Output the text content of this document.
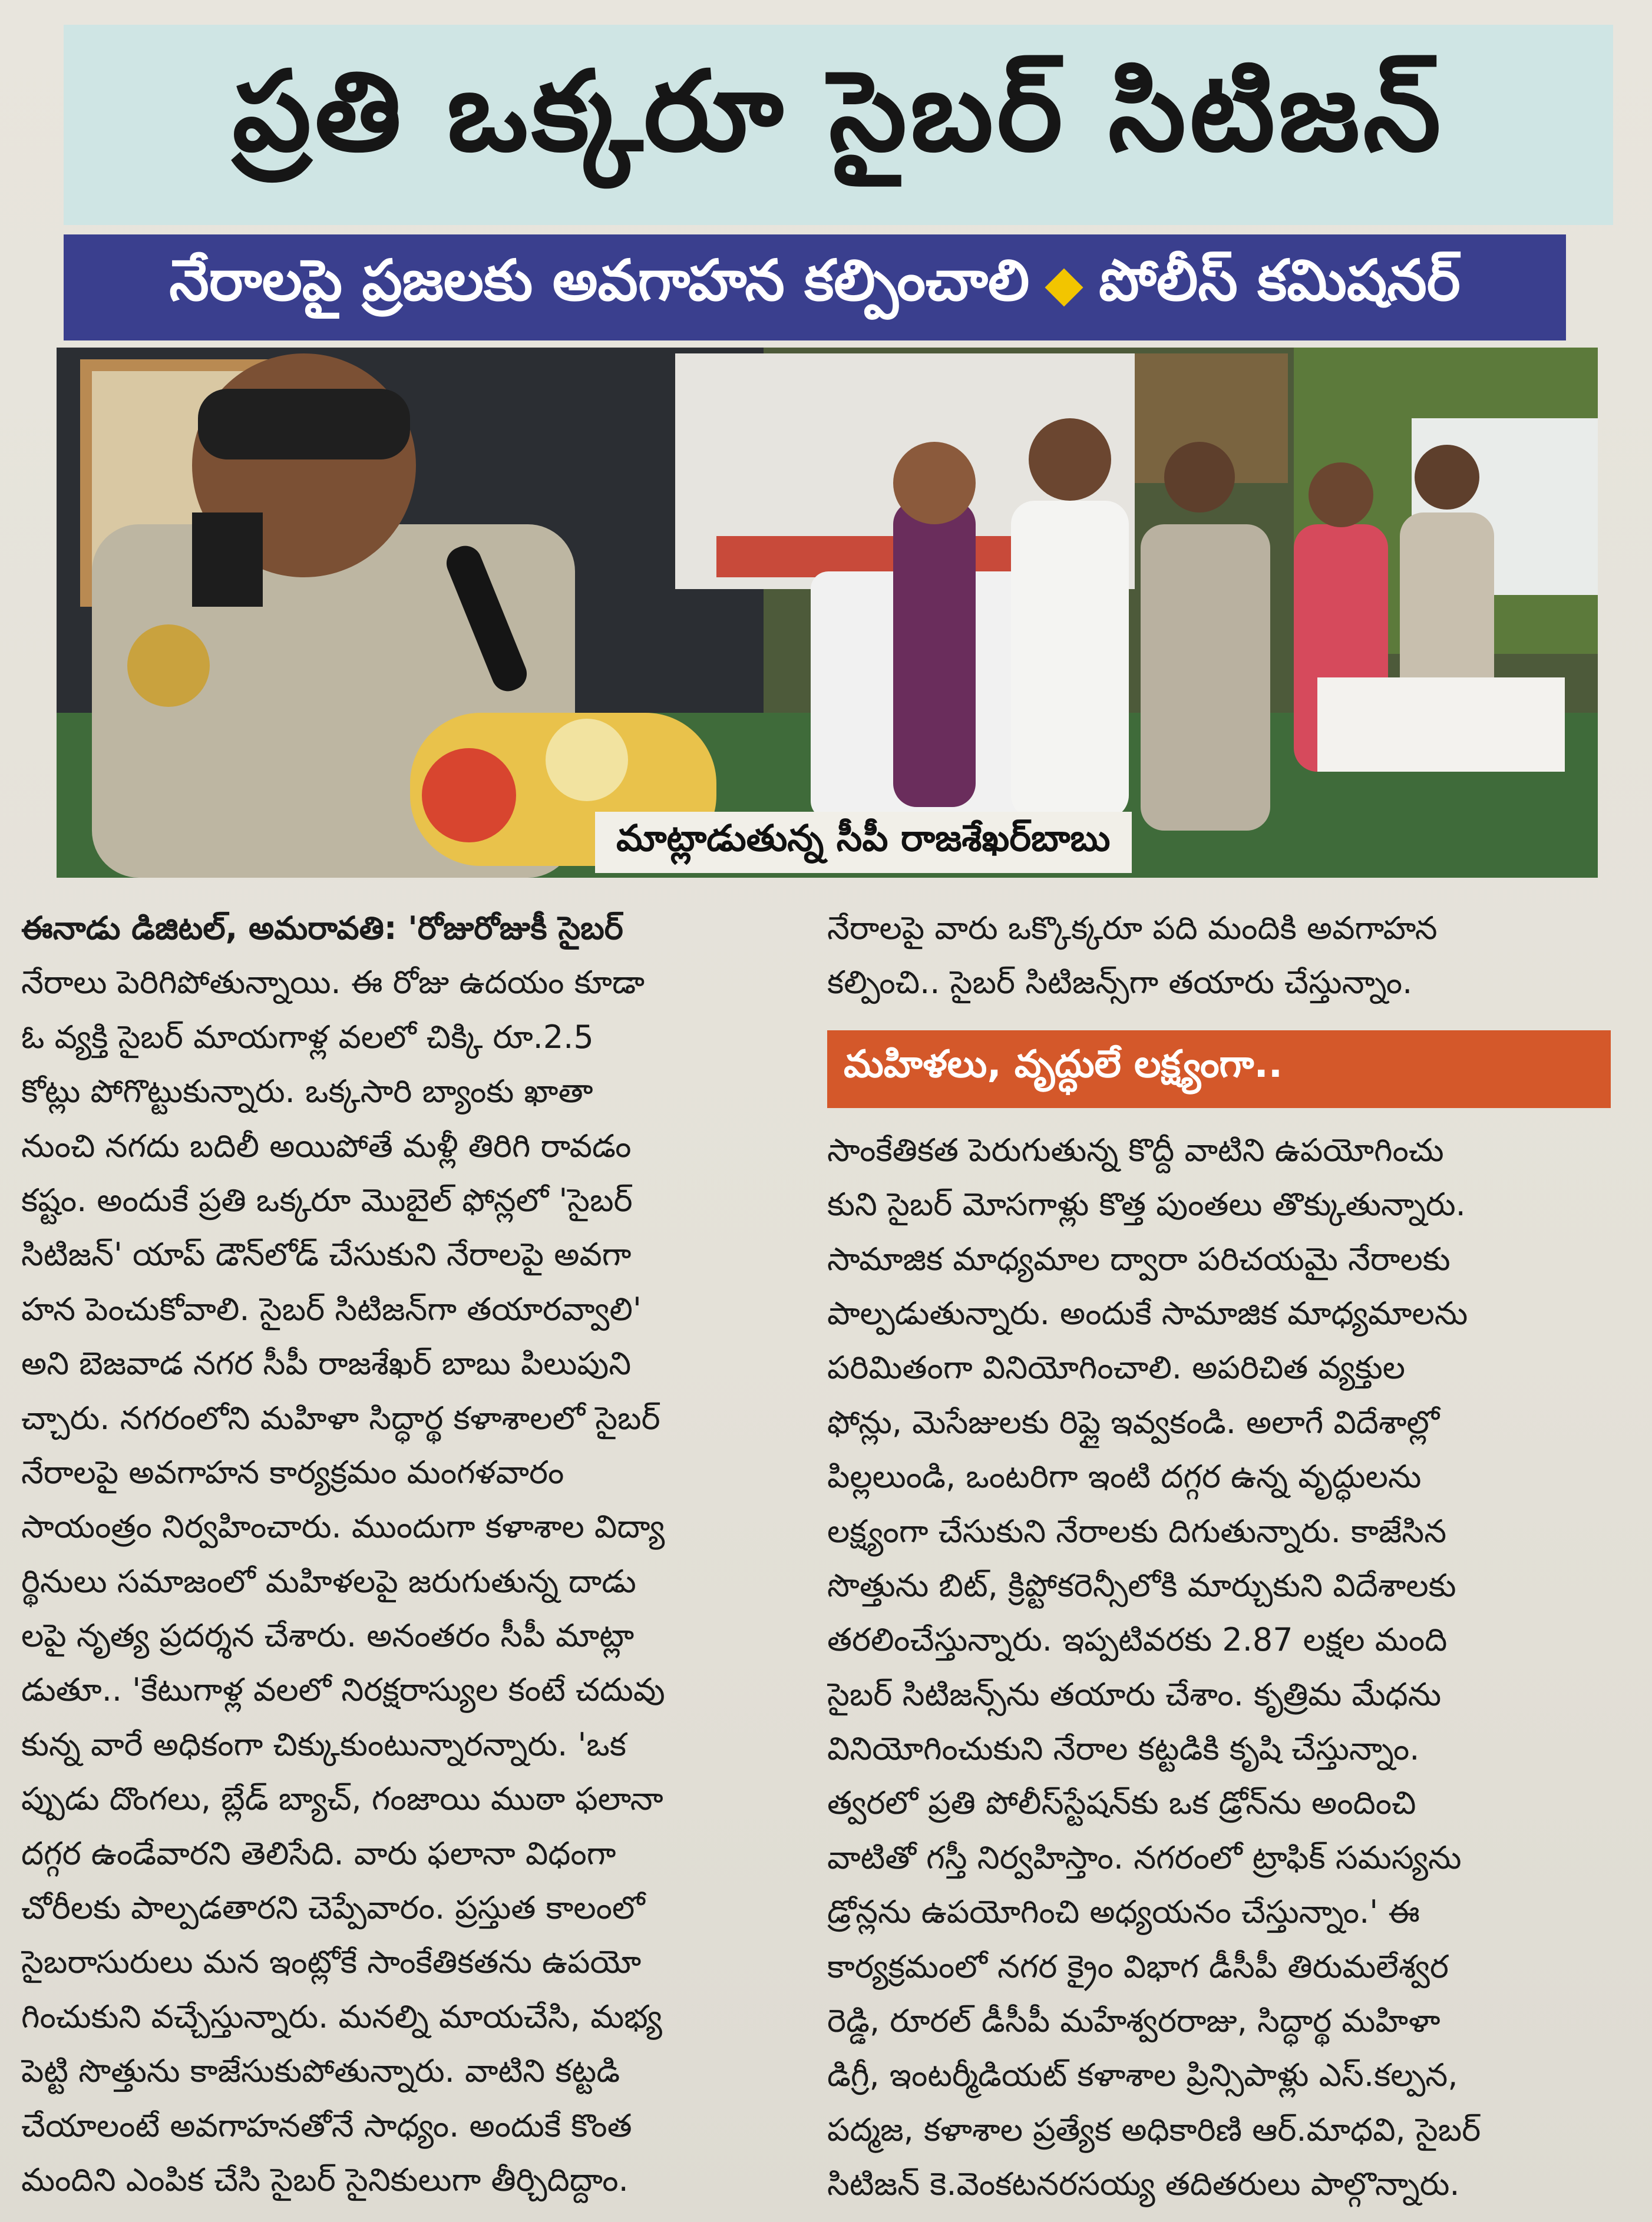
ప్రతి ఒక్కరూ సైబర్ సిటిజన్
నేరాలపై ప్రజలకు అవగాహన కల్పించాలి పోలీస్ కమిషనర్
మాట్లాడుతున్న సీపీ రాజశేఖర్‌బాబు
ఈనాడు డిజిటల్, అమరావతి: 'రోజురోజుకీ సైబర్
నేరాలు పెరిగిపోతున్నాయి. ఈ రోజు ఉదయం కూడా
ఓ వ్యక్తి సైబర్ మాయగాళ్ల వలలో చిక్కి రూ.2.5
కోట్లు పోగొట్టుకున్నారు. ఒక్కసారి బ్యాంకు ఖాతా
నుంచి నగదు బదిలీ అయిపోతే మళ్లీ తిరిగి రావడం
కష్టం. అందుకే ప్రతి ఒక్కరూ మొబైల్ ఫోన్లలో 'సైబర్
సిటిజన్' యాప్ డౌన్‌లోడ్ చేసుకుని నేరాలపై అవగా
హన పెంచుకోవాలి. సైబర్ సిటిజన్‌గా తయారవ్వాలి'
అని బెజవాడ నగర సీపీ రాజశేఖర్ బాబు పిలుపుని
చ్చారు. నగరంలోని మహిళా సిద్ధార్థ కళాశాలలో సైబర్
నేరాలపై అవగాహన కార్యక్రమం మంగళవారం
సాయంత్రం నిర్వహించారు. ముందుగా కళాశాల విద్యా
ర్థినులు సమాజంలో మహిళలపై జరుగుతున్న దాడు
లపై నృత్య ప్రదర్శన చేశారు. అనంతరం సీపీ మాట్లా
డుతూ.. 'కేటుగాళ్ల వలలో నిరక్షరాస్యుల కంటే చదువు
కున్న వారే అధికంగా చిక్కుకుంటున్నారన్నారు. 'ఒక
ప్పుడు దొంగలు, బ్లేడ్ బ్యాచ్, గంజాయి ముఠా ఫలానా
దగ్గర ఉండేవారని తెలిసేది. వారు ఫలానా విధంగా
చోరీలకు పాల్పడతారని చెప్పేవారం. ప్రస్తుత కాలంలో
సైబరాసురులు మన ఇంట్లోకే సాంకేతికతను ఉపయో
గించుకుని వచ్చేస్తున్నారు. మనల్ని మాయచేసి, మభ్య
పెట్టి సొత్తును కాజేసుకుపోతున్నారు. వాటిని కట్టడి
చేయాలంటే అవగాహనతోనే సాధ్యం. అందుకే కొంత
మందిని ఎంపిక చేసి సైబర్ సైనికులుగా తీర్చిదిద్దాం.
నేరాలపై వారు ఒక్కొక్కరూ పది మందికి అవగాహన
కల్పించి.. సైబర్ సిటిజన్స్‌గా తయారు చేస్తున్నాం.
మహిళలు, వృద్ధులే లక్ష్యంగా..
సాంకేతికత పెరుగుతున్న కొద్దీ వాటిని ఉపయోగించు
కుని సైబర్ మోసగాళ్లు కొత్త పుంతలు తొక్కుతున్నారు.
సామాజిక మాధ్యమాల ద్వారా పరిచయమై నేరాలకు
పాల్పడుతున్నారు. అందుకే సామాజిక మాధ్యమాలను
పరిమితంగా వినియోగించాలి. అపరిచిత వ్యక్తుల
ఫోన్లు, మెసేజులకు రిప్లై ఇవ్వకండి. అలాగే విదేశాల్లో
పిల్లలుండి, ఒంటరిగా ఇంటి దగ్గర ఉన్న వృద్ధులను
లక్ష్యంగా చేసుకుని నేరాలకు దిగుతున్నారు. కాజేసిన
సొత్తును బిట్, క్రిప్టోకరెన్సీలోకి మార్చుకుని విదేశాలకు
తరలించేస్తున్నారు. ఇప్పటివరకు 2.87 లక్షల మంది
సైబర్ సిటిజన్స్‌ను తయారు చేశాం. కృత్రిమ మేధను
వినియోగించుకుని నేరాల కట్టడికి కృషి చేస్తున్నాం.
త్వరలో ప్రతి పోలీస్‌స్టేషన్‌కు ఒక డ్రోన్‌ను అందించి
వాటితో గస్తీ నిర్వహిస్తాం. నగరంలో ట్రాఫిక్ సమస్యను
డ్రోన్లను ఉపయోగించి అధ్యయనం చేస్తున్నాం.' ఈ
కార్యక్రమంలో నగర క్రైం విభాగ డీసీపీ తిరుమలేశ్వర
రెడ్డి, రూరల్ డీసీపీ మహేశ్వరరాజు, సిద్ధార్థ మహిళా
డిగ్రీ, ఇంటర్మీడియట్ కళాశాల ప్రిన్సిపాళ్లు ఎస్.కల్పన,
పద్మజ, కళాశాల ప్రత్యేక అధికారిణి ఆర్.మాధవి, సైబర్
సిటిజన్ కె.వెంకటనరసయ్య తదితరులు పాల్గొన్నారు.
